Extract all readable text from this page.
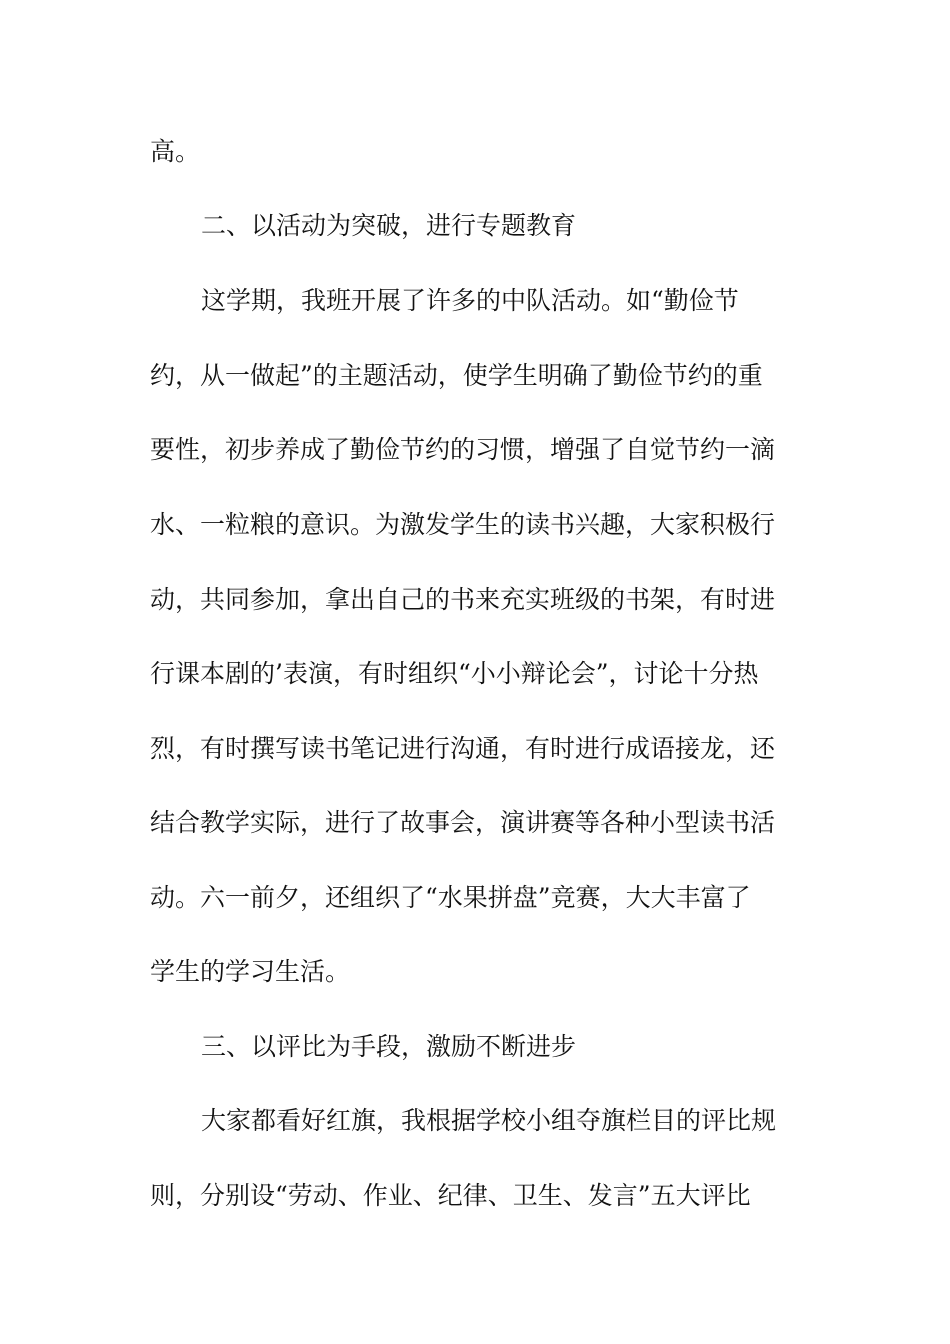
高。
二、以活动为突破，进行专题教育
这学期，我班开展了许多的中队活动。如“勤俭节
约，从一做起”的主题活动，使学生明确了勤俭节约的重
要性，初步养成了勤俭节约的习惯，增强了自觉节约一滴
水、一粒粮的意识。为激发学生的读书兴趣，大家积极行
动，共同参加，拿出自己的书来充实班级的书架，有时进
行课本剧的’表演，有时组织“小小辩论会”，讨论十分热
烈，有时撰写读书笔记进行沟通，有时进行成语接龙，还
结合教学实际，进行了故事会，演讲赛等各种小型读书活
动。六一前夕，还组织了“水果拼盘”竞赛，大大丰富了
学生的学习生活。
三、以评比为手段，激励不断进步
大家都看好红旗，我根据学校小组夺旗栏目的评比规
则，分别设“劳动、作业、纪律、卫生、发言”五大评比
